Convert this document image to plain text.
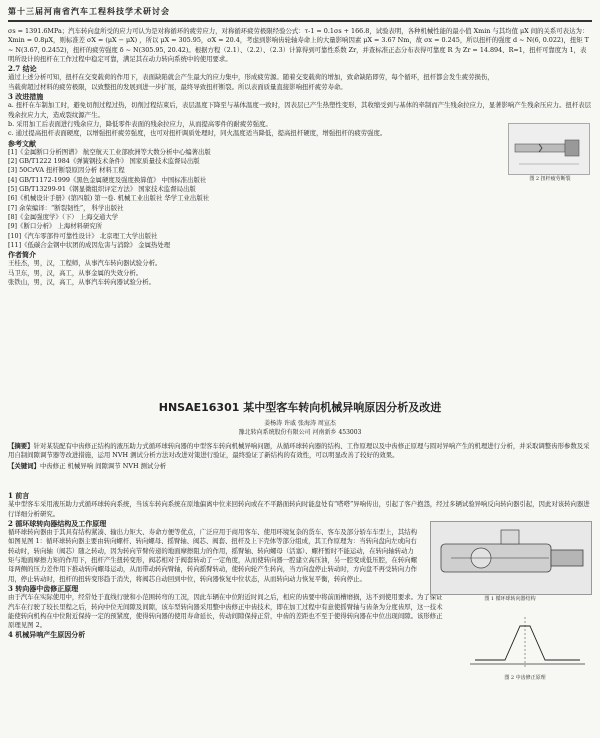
第十三届河南省汽车工程科技学术研讨会

σs = 1391.6MPa；汽车转向盘所受的应力可认为是对称循环的疲劳应力，对称循环疲劳极限经验公式：τ-1 = 0.1σs + 166.8，试验表明，各种机械性能的最小值 Xmin 与其均值 μX 间的关系可表达为：Xmin = 0.8μX，则标准差 σX = (μX − μX) ，所以 μX = 305.95，σX = 20.4，考虑到影响齿轮轴寿命上的大量影响因素 μX = 3.67 Nm，故 σx = 0.245，所以扭杆的强度 d ~ N(6, 0.022)，扭矩 T ~ N(3.67, 0.2452)，扭杆的疲劳强度 δ ~ N(305.95, 20.42)。根据方程（2.1）、（2.2）、（2.3）计算得到可靠性系数 Zr，并查标准正态分布表得可靠度 R 为 Zr = 14.894、R=1，扭杆可靠度为 1，表明所设计的扭杆在工作过程中稳定可靠，满足其在动力转向系统中的使用要求。

2.7 结论

通过上述分析可知，扭杆在交变载荷的作用下，表面缺陷就会产生最大的应力集中，形成疲劳源。随着交变载荷的增加，致命缺陷即劳，每个循环，扭杆都会发生疲劳损伤，当载荷超过材料的疲劳极限，以致整扭的发展到进一步扩展，最终导致扭杆断裂。所以表面质量直接影响扭杆疲劳寿命。

3 改进措施

a. 扭杆在车制加工时，避免切削过程过热，切削过程结束后，表层温度下降至与基体温度一致时，因表层已产生热塑性变形，其收缩受到与基体的牵制而产生残余拉应力，显著影响产生残余压应力。扭杆表层残余拉应力大，造成裂纹源产生。

b. 采用加工后表面进行残余应力，降低零件表面的残余拉应力，从而提高零件的耐疲劳强度。

c. 通过提高扭杆表面硬度，以增强扭杆疲劳强度，也可对扭杆调质处理时，同火温度适当降低，提高扭杆硬度，增强扭杆的疲劳强度。

参考文献

[1]《金属断口分析图谱》 航空航天工业部欧洲等大数分析中心编著出版
[2] GB/T1222 1984《弹簧钢技术条件》 国家质量技术监督局出版
[3] 50CrVA 扭杆断裂原因分析 材料工程
[4] GB/T1172-1999《黑色金属硬度及强度换算值》 中国标准出版社
[5] GB/T13299-91《钢显微组织评定方法》 国家技术监督局出版
[6]《机械设计手册》(第四版) 第一卷. 机械工业出版社 华学工业出版社
[7] 余荣编译：“断裂韧性”， 科学出版社
[8]《金属强度学》（下） 上海交通大学
[9]《断口分析》 上海材料研究所
[10]《汽车零部件可靠性设计》 北京理工大学出版社
[11]《低碳合金钢中状团的成因危害与消除》 金属热处理

作者简介

王桂杰，男，汉，工程师，从事汽车转向器试验分析。

马卫东，男，汉，高工，从事金属的失效分析。

张铁山，男，汉，高工，从事汽车转向器试验分析。

图 2 扭杆疲劳断裂
HNSAE16301 某中型客车转向机械异响原因分析及改进
姜杨涛 许戚 张海涛 周宣杰
豫北转向系统股份有限公司 河南新乡 453003

【摘要】针对某装配有中齿修正结构的液压助力式循环球转向器的中型客车转向机械异响问题，从循环球转向器的结构、工作原理以及中齿修正原理与圆对异响产生的机理进行分析，并采取调整齿形参数及采用自制间隙调节器等改进措施，运用 NVH 测试分析方法对改进对策进行验证，最终验证了新结构的有效性，可以明显改善了较好的效果。

【关键词】中齿修正 机械异响 间隙调节 NVH 测试分析

1 前言

某中型客车采用液压助力式循环球转向系统，当该车转向系统在原地偏离中位来回转向或在不平路面转向时能盘处有“嗒嗒”异响传出，引起了客户抱怨，经过多辆试验异响反向转向器引起，因此对该转向器进行详细分析研究。

2 循环球转向器结构及工作原理

循环球转向器由于其具有结构紧凑、输出力矩大、寿命方便等优点，广泛应用于商用客车、使用环境复杂的货车、客车及部分轿车车型上，其结构如图见图 1：循环球转向器主要由转向螺杆、转向螺母、摇臂轴、阀芯、阀套、扭杆及上下壳体等部分组成，其工作原理为：当转向盘向左或向右转动时，转向轴（阀芯）随之转动，因为转向节臂传递的地面摩擦阻力的作用，摇臂轴、转向螺母（活塞）、螺杆暂时不能运动，在转向轴转动力矩与地面摩擦力矩的作用下，扭杆产生扭转变形，阀芯相对于阀套转动了一定角度，从而使转向器一腔建立高压油，另一腔变成低压腔，在转向螺母两侧的压力差作用下推动转向螺母运动，从而带动转向臂轴，转向摇臂转动，使转向轮产生转向，当方向盘停止转动时，方向盘不再受转向力作用，停止转动时，扭杆的扭转变形趋于消失，将阀芯自动回到中位，转向器恢复中位状态，从而转向动力恢复平衡，转向停止。

3 转向器中齿修正原理

由于汽车在实际使用中，经常处于直线行驶和小范围转弯的工况，因此车辆在中位附近时间之后，相应的齿要中将前面槽磨损，达不到使用要求。为了保证汽车在行驶了较长里程之后，转向中位无间隙及间隙，该车型转向器采用整中齿修正中齿技术，即在加工过程中有意使摇臂轴与齿条为分度齿厚，这一技术能使转向机构在中位附近保持一定的预紧度，使得转向器的使用寿命延长，传动间隙保持正常，中齿的差距也不至于使得转向器在中位出现间隙。该形修正原理见图 2。

4 机械异响产生原因分析

图 1 循环球转向器结构
图 2 中齿修正原理
